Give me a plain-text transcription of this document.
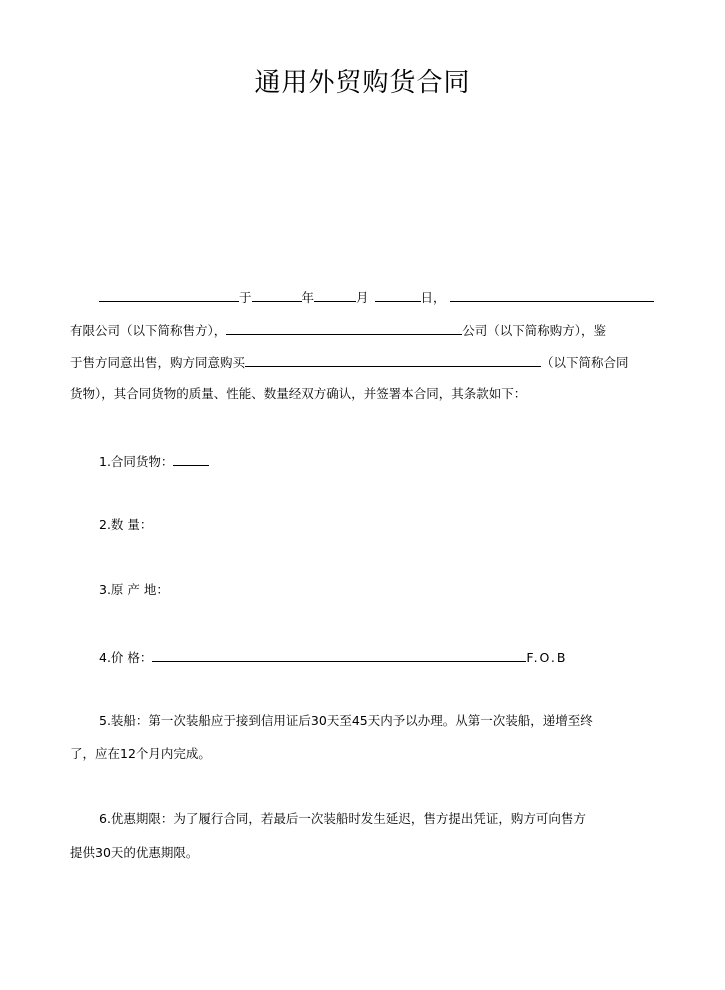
通用外贸购货合同
于	年	月	日，
有限公司（以下简称售方），	公司（以下简称购方），鉴
于售方同意出售，购方同意购买	（以下简称合同
货物），其合同货物的质量、性能、数量经双方确认，并签署本合同，其条款如下：
1.合同货物：
2.数 量：
3.原 产 地：
4.价 格：	F.O.B
5.装船：第一次装船应于接到信用证后30天至45天内予以办理。从第一次装船，递增至终
了，应在12个月内完成。
6.优惠期限：为了履行合同，若最后一次装船时发生延迟，售方提出凭证，购方可向售方
提供30天的优惠期限。
